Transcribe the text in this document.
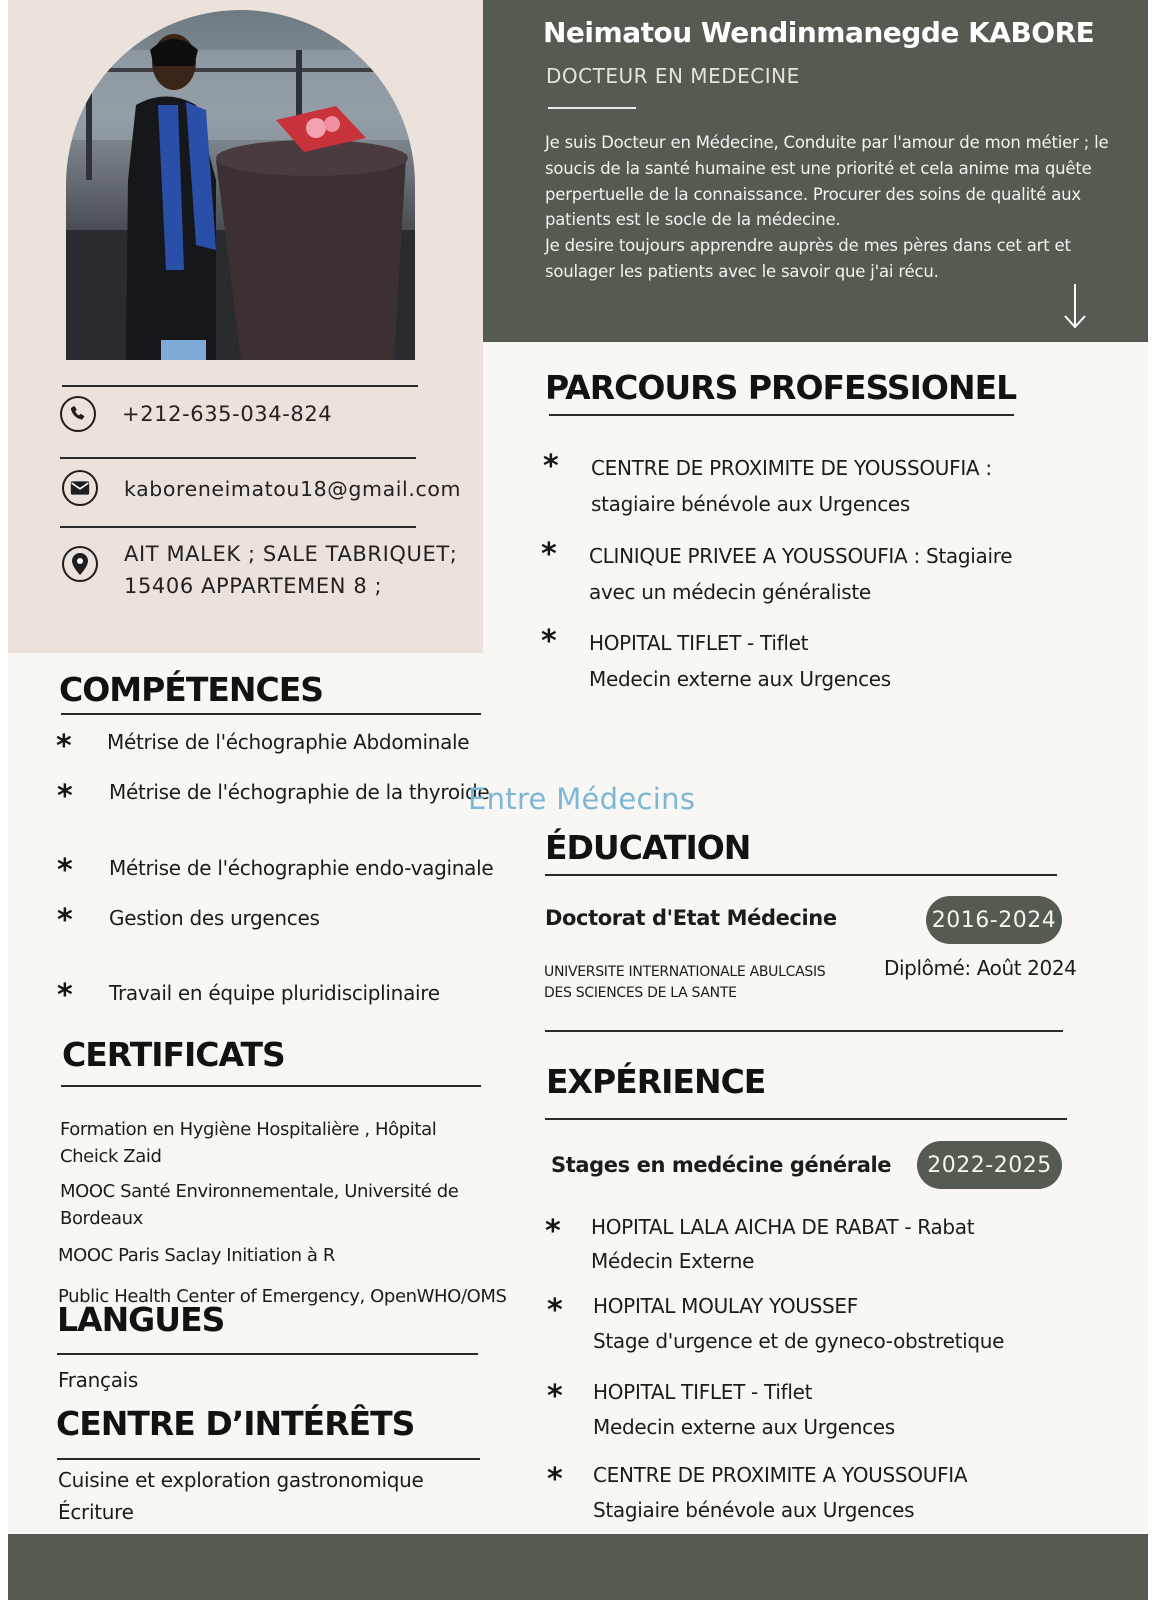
+212-635-034-824
kaboreneimatou18@gmail.com
AIT MALEK ; SALE TABRIQUET;
15406 APPARTEMEN 8 ;
Neimatou Wendinmanegde KABORE
DOCTEUR EN MEDECINE

Je suis Docteur en Médecine, Conduite par l'amour de mon métier ; le
soucis de la santé humaine est une priorité et cela anime ma quête
perpertuelle de la connaissance. Procurer des soins de qualité aux
patients est le socle de la médecine.
Je desire toujours apprendre auprès de mes pères dans cet art et
soulager les patients avec le savoir que j'ai récu.

PARCOURS PROFESSIONEL
* CENTRE DE PROXIMITE DE YOUSSOUFIA :
stagiaire bénévole aux Urgences
* CLINIQUE PRIVEE A YOUSSOUFIA : Stagiaire
avec un médecin généraliste
* HOPITAL TIFLET - Tiflet
Medecin externe aux Urgences
COMPÉTENCES
* Métrise de l'échographie Abdominale
* Métrise de l'échographie de la thyroide
* Métrise de l'échographie endo-vaginale
* Gestion des urgences
* Travail en équipe pluridisciplinaire
Entre Médecins
ÉDUCATION
Doctorat d'Etat Médecine	2016-2024
UNIVERSITE INTERNATIONALE ABULCASIS
DES SCIENCES DE LA SANTE
Diplômé: Août 2024
CERTIFICATS

Formation en Hygiène Hospitalière , Hôpital
Cheick Zaid

MOOC Santé Environnementale, Université de
Bordeaux

MOOC Paris Saclay Initiation à R

Public Health Center of Emergency, OpenWHO/OMS

EXPÉRIENCE
Stages en medécine générale	2022-2025
* HOPITAL LALA AICHA DE RABAT - Rabat
Médecin Externe
* HOPITAL MOULAY YOUSSEF
Stage d'urgence et de gyneco-obstretique
* HOPITAL TIFLET - Tiflet
Medecin externe aux Urgences
* CENTRE DE PROXIMITE A YOUSSOUFIA
Stagiaire bénévole aux Urgences
LANGUES
Français
CENTRE D’INTÉRÊTS
Cuisine et exploration gastronomique
Écriture
